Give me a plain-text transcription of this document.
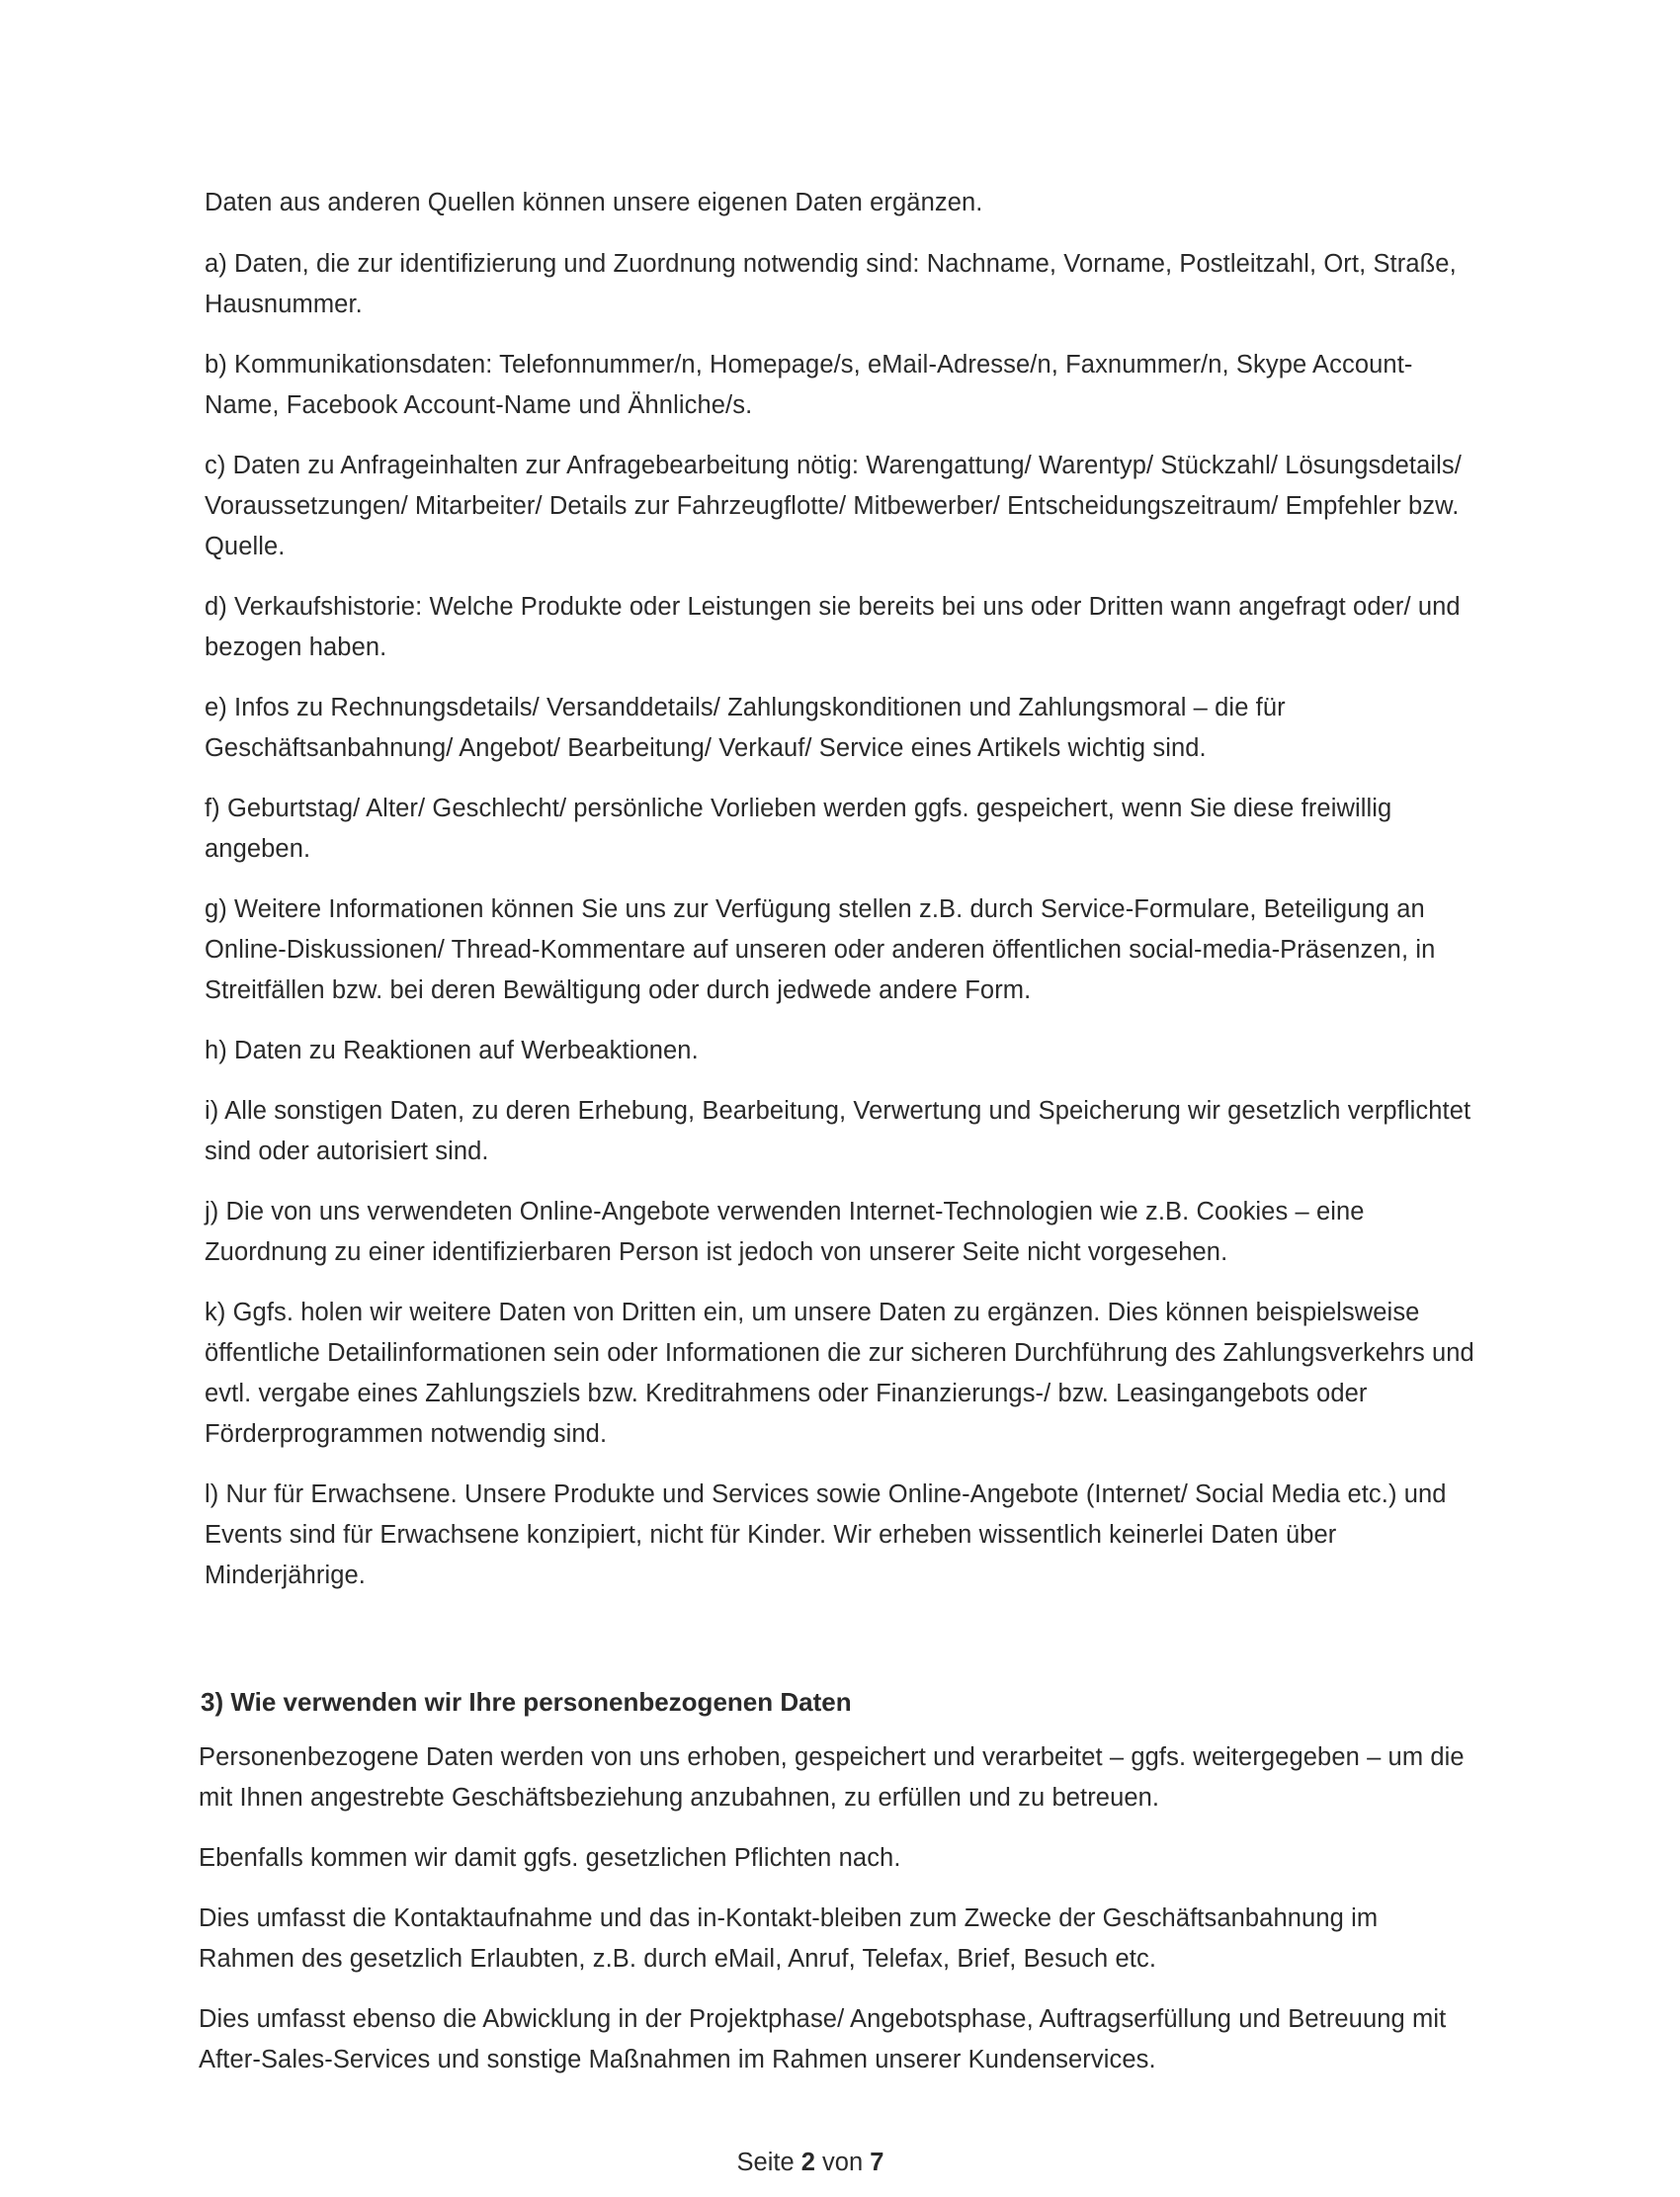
Daten aus anderen Quellen können unsere eigenen Daten ergänzen.

a) Daten, die zur identifizierung und Zuordnung notwendig sind: Nachname, Vorname, Postleitzahl, Ort, Straße, Hausnummer.

b) Kommunikationsdaten: Telefonnummer/n, Homepage/s, eMail-Adresse/n, Faxnummer/n, Skype Account-Name, Facebook Account-Name und Ähnliche/s.

c) Daten zu Anfrageinhalten zur Anfragebearbeitung nötig: Warengattung/ Warentyp/ Stückzahl/ Lösungsdetails/ Voraussetzungen/ Mitarbeiter/ Details zur Fahrzeugflotte/ Mitbewerber/ Entscheidungszeitraum/ Empfehler bzw. Quelle.

d) Verkaufshistorie: Welche Produkte oder Leistungen sie bereits bei uns oder Dritten wann angefragt oder/ und bezogen haben.

e) Infos zu Rechnungsdetails/ Versanddetails/ Zahlungskonditionen und Zahlungsmoral – die für Geschäftsanbahnung/ Angebot/ Bearbeitung/ Verkauf/ Service eines Artikels wichtig sind.

f) Geburtstag/ Alter/ Geschlecht/ persönliche Vorlieben werden ggfs. gespeichert, wenn Sie diese freiwillig angeben.

g) Weitere Informationen können Sie uns zur Verfügung stellen z.B. durch Service-Formulare, Beteiligung an Online-Diskussionen/ Thread-Kommentare auf unseren oder anderen öffentlichen social-media-Präsenzen, in Streitfällen bzw. bei deren Bewältigung oder durch jedwede andere Form.

h) Daten zu Reaktionen auf Werbeaktionen.

i) Alle sonstigen Daten, zu deren Erhebung, Bearbeitung, Verwertung und Speicherung wir gesetzlich verpflichtet sind oder autorisiert sind.

j) Die von uns verwendeten Online-Angebote verwenden Internet-Technologien wie z.B. Cookies – eine Zuordnung zu einer identifizierbaren Person ist jedoch von unserer Seite nicht vorgesehen.

k) Ggfs. holen wir weitere Daten von Dritten ein, um unsere Daten zu ergänzen. Dies können beispielsweise öffentliche Detailinformationen sein oder Informationen die zur sicheren Durchführung des Zahlungsverkehrs und evtl. vergabe eines Zahlungsziels bzw. Kreditrahmens oder Finanzierungs-/ bzw. Leasingangebots oder Förderprogrammen notwendig sind.

l) Nur für Erwachsene. Unsere Produkte und Services sowie Online-Angebote (Internet/ Social Media etc.) und Events sind für Erwachsene konzipiert, nicht für Kinder. Wir erheben wissentlich keinerlei Daten über Minderjährige.

3) Wie verwenden wir Ihre personenbezogenen Daten

Personenbezogene Daten werden von uns erhoben, gespeichert und verarbeitet – ggfs. weitergegeben – um die mit Ihnen angestrebte Geschäftsbeziehung anzubahnen, zu erfüllen und zu betreuen.

Ebenfalls kommen wir damit ggfs. gesetzlichen Pflichten nach.

Dies umfasst die Kontaktaufnahme und das in-Kontakt-bleiben zum Zwecke der Geschäftsanbahnung im Rahmen des gesetzlich Erlaubten, z.B. durch eMail, Anruf, Telefax, Brief, Besuch etc.

Dies umfasst ebenso die Abwicklung in der Projektphase/ Angebotsphase, Auftragserfüllung und Betreuung mit After-Sales-Services und sonstige Maßnahmen im Rahmen unserer Kundenservices.

Seite 2 von 7
